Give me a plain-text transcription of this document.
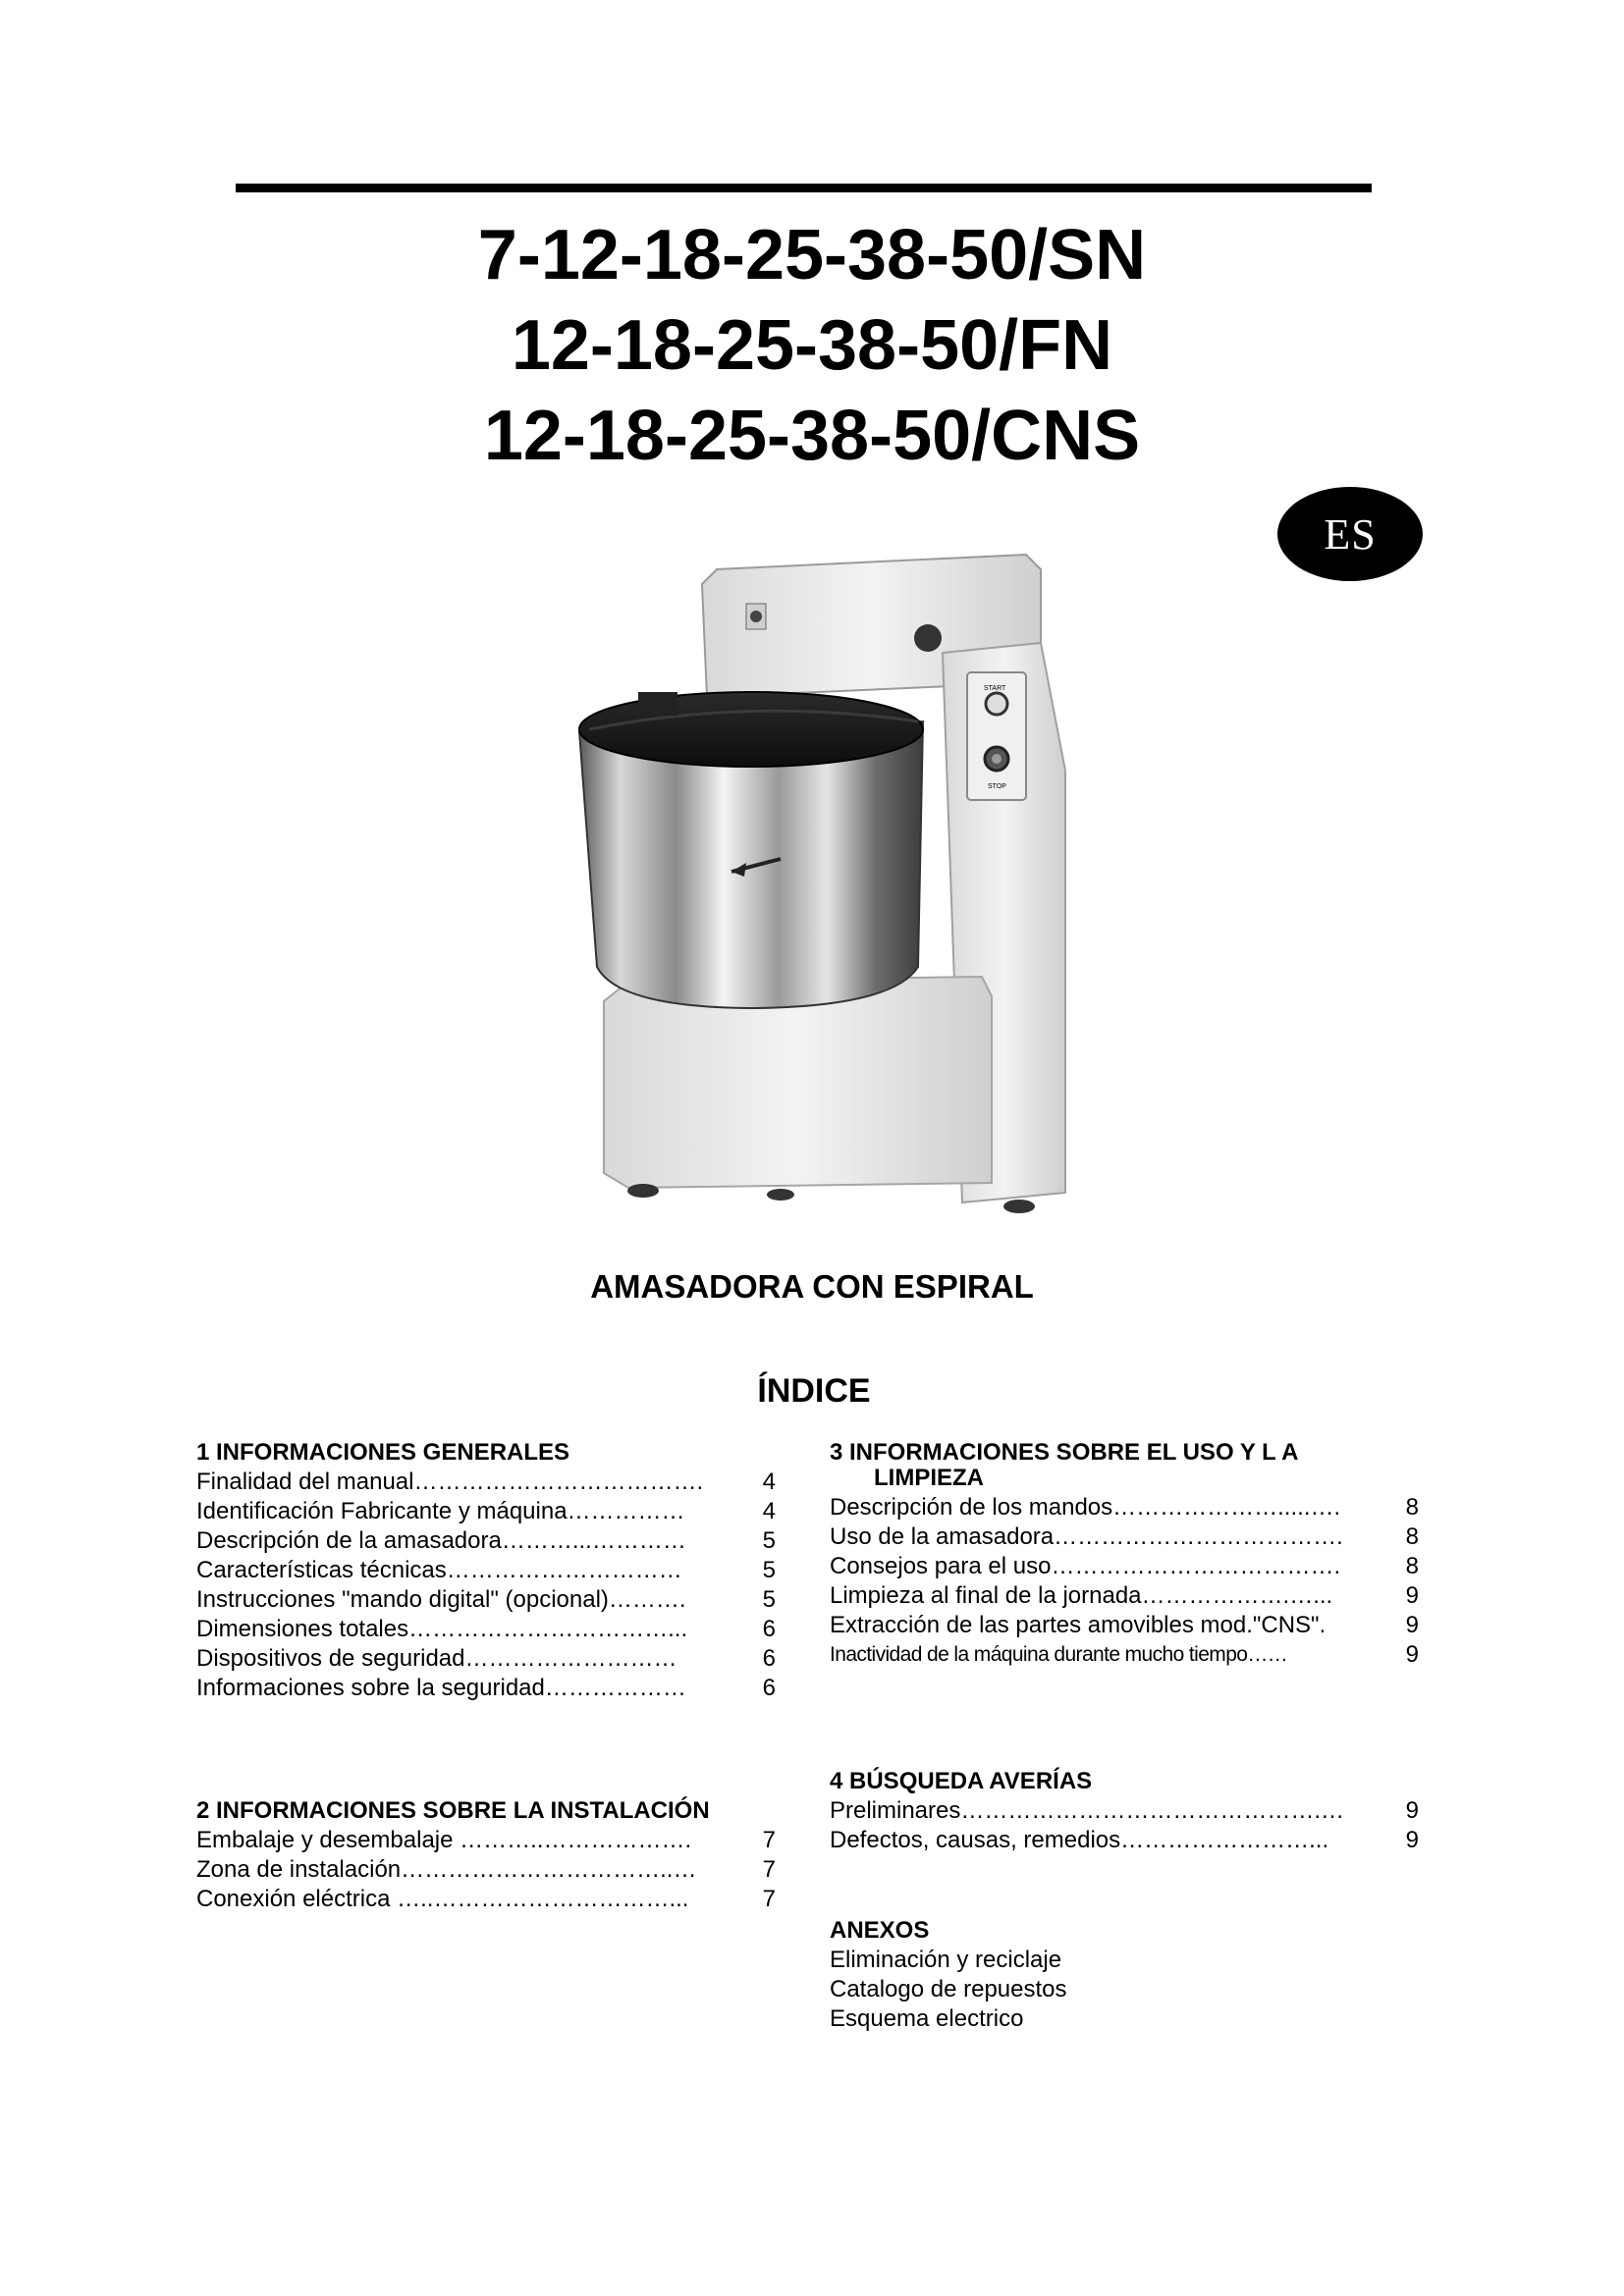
7-12-18-25-38-50/SN
12-18-25-38-50/FN
12-18-25-38-50/CNS
ES
START
STOP
AMASADORA CON ESPIRAL
ÍNDICE
1 INFORMACIONES GENERALES
Finalidad del manual……………………………….	4
Identificación Fabricante y máquina……………	4
Descripción de la amasadora………...…………	5
Características técnicas…………………………	5
Instrucciones "mando digital" (opcional)……….	5
Dimensiones totales……………………………...	6
Dispositivos de seguridad………………………	6
Informaciones sobre la seguridad………………	6
2 INFORMACIONES SOBRE LA INSTALACIÓN
Embalaje y desembalaje ………..……………….	7
Zona de instalación……………………………..…	7
Conexión eléctrica …..…………………………...	7
3 INFORMACIONES SOBRE EL USO Y L A
LIMPIEZA
Descripción de los mandos………………….....….	8
Uso de la amasadora……………………………….	8
Consejos para el uso……………………………….	8
Limpieza al final de la jornada……………….…...	9
Extracción de las partes amovibles mod."CNS".	9
Inactividad de la máquina durante mucho tiempo……	9
4 BÚSQUEDA AVERÍAS
Preliminares……………………………………….…	9
Defectos, causas, remedios……………………...	9
ANEXOS
Eliminación y reciclaje
Catalogo de repuestos
Esquema electrico
